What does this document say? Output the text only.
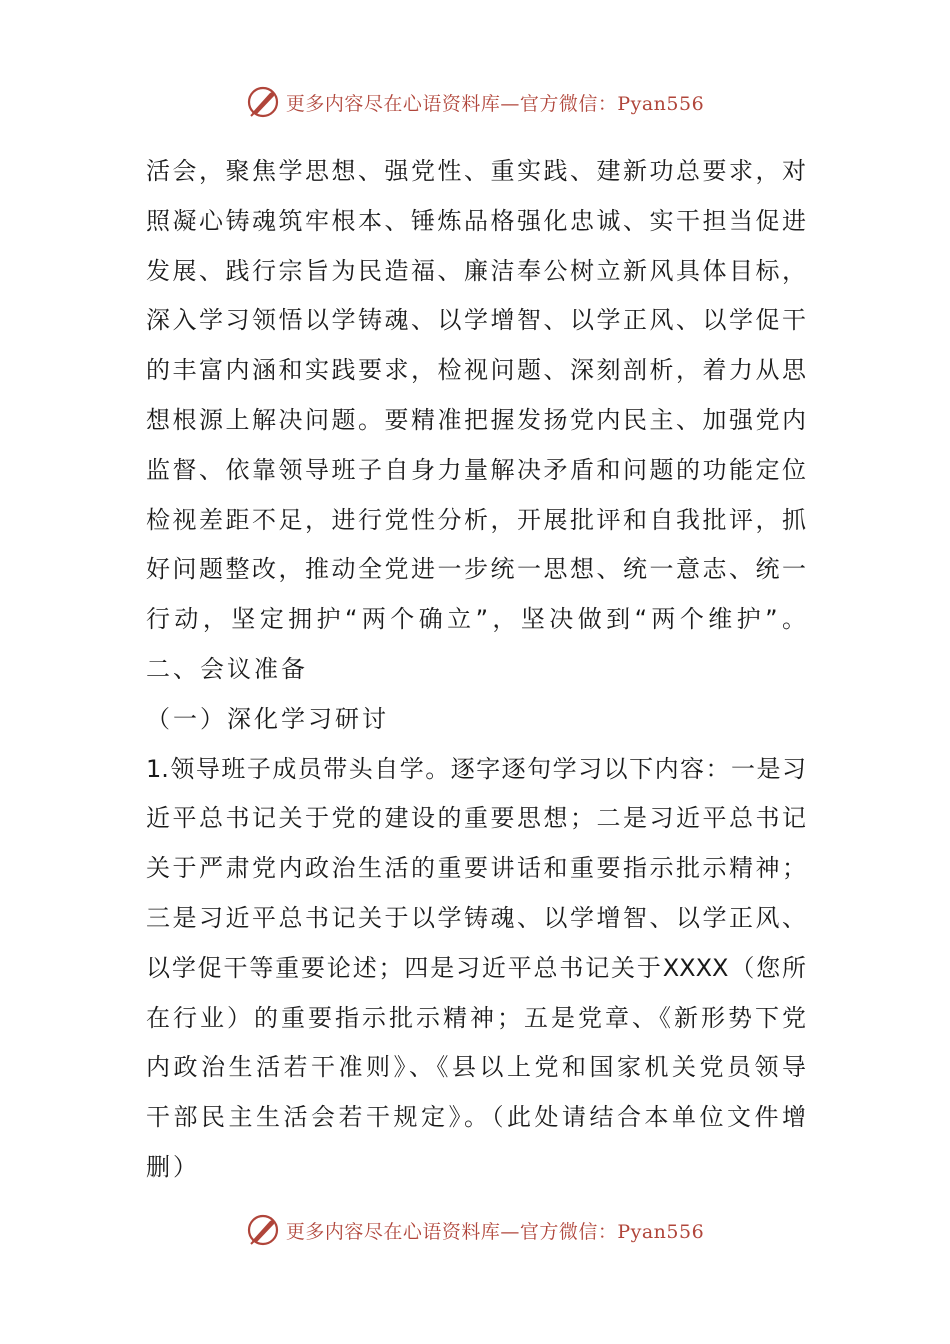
更多内容尽在心语资料库—官方微信：Pyan556
活会，聚焦学思想、强党性、重实践、建新功总要求，对
照凝心铸魂筑牢根本、锤炼品格强化忠诚、实干担当促进
发展、践行宗旨为民造福、廉洁奉公树立新风具体目标，
深入学习领悟以学铸魂、以学增智、以学正风、以学促干
的丰富内涵和实践要求，检视问题、深刻剖析，着力从思
想根源上解决问题。要精准把握发扬党内民主、加强党内
监督、依靠领导班子自身力量解决矛盾和问题的功能定位
检视差距不足，进行党性分析，开展批评和自我批评，抓
好问题整改，推动全党进一步统一思想、统一意志、统一
行动，坚定拥护“两个确立”，坚决做到“两个维护”。
二、会议准备
（一）深化学习研讨
1.领导班子成员带头自学。逐字逐句学习以下内容：一是习
近平总书记关于党的建设的重要思想；二是习近平总书记
关于严肃党内政治生活的重要讲话和重要指示批示精神；
三是习近平总书记关于以学铸魂、以学增智、以学正风、
以学促干等重要论述；四是习近平总书记关于XXXX（您所
在行业）的重要指示批示精神；五是党章、《新形势下党
内政治生活若干准则》、《县以上党和国家机关党员领导
干部民主生活会若干规定》。（此处请结合本单位文件增
删）
更多内容尽在心语资料库—官方微信：Pyan556
